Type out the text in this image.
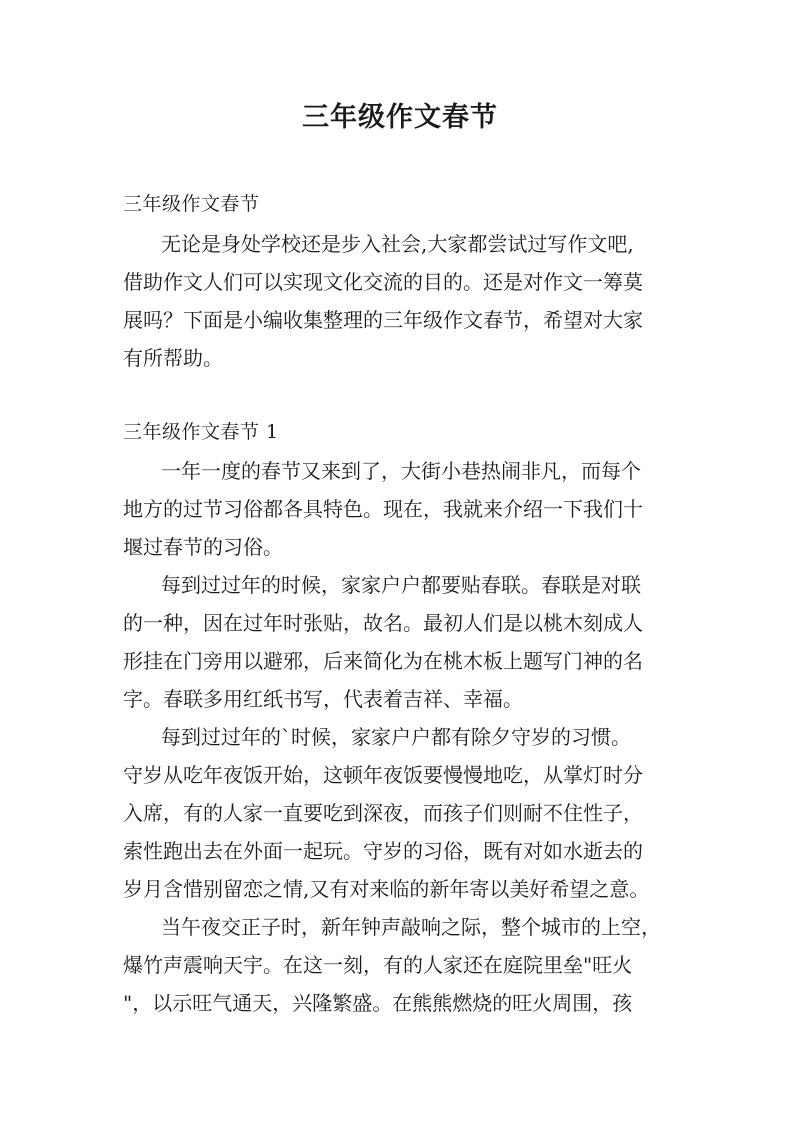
三年级作文春节
三年级作文春节
无论是身处学校还是步入社会,大家都尝试过写作文吧,
借助作文人们可以实现文化交流的目的。还是对作文一筹莫
展吗？下面是小编收集整理的三年级作文春节，希望对大家
有所帮助。
三年级作文春节 1
一年一度的春节又来到了，大街小巷热闹非凡，而每个
地方的过节习俗都各具特色。现在，我就来介绍一下我们十
堰过春节的习俗。
每到过过年的时候，家家户户都要贴春联。春联是对联
的一种，因在过年时张贴，故名。最初人们是以桃木刻成人
形挂在门旁用以避邪，后来简化为在桃木板上题写门神的名
字。春联多用红纸书写，代表着吉祥、幸福。
每到过过年的`时候，家家户户都有除夕守岁的习惯。
守岁从吃年夜饭开始，这顿年夜饭要慢慢地吃，从掌灯时分
入席，有的人家一直要吃到深夜，而孩子们则耐不住性子，
索性跑出去在外面一起玩。守岁的习俗，既有对如水逝去的
岁月含惜别留恋之情,又有对来临的新年寄以美好希望之意。
当午夜交正子时，新年钟声敲响之际，整个城市的上空，
爆竹声震响天宇。在这一刻，有的人家还在庭院里垒"旺火
"，以示旺气通天，兴隆繁盛。在熊熊燃烧的旺火周围，孩
